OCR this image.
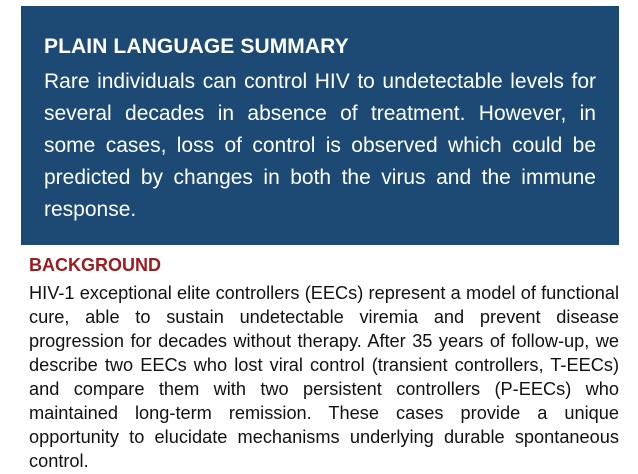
PLAIN LANGUAGE SUMMARY

Rare individuals can control HIV to undetectable levels for several decades in absence of treatment. However, in some cases, loss of control is observed which could be predicted by changes in both the virus and the immune response.

BACKGROUND

HIV-1 exceptional elite controllers (EECs) represent a model of functional cure, able to sustain undetectable viremia and prevent disease progression for decades without therapy. After 35 years of follow-up, we describe two EECs who lost viral control (transient controllers, T-EECs) and compare them with two persistent controllers (P-EECs) who maintained long-term remission. These cases provide a unique opportunity to elucidate mechanisms underlying durable spontaneous control.
